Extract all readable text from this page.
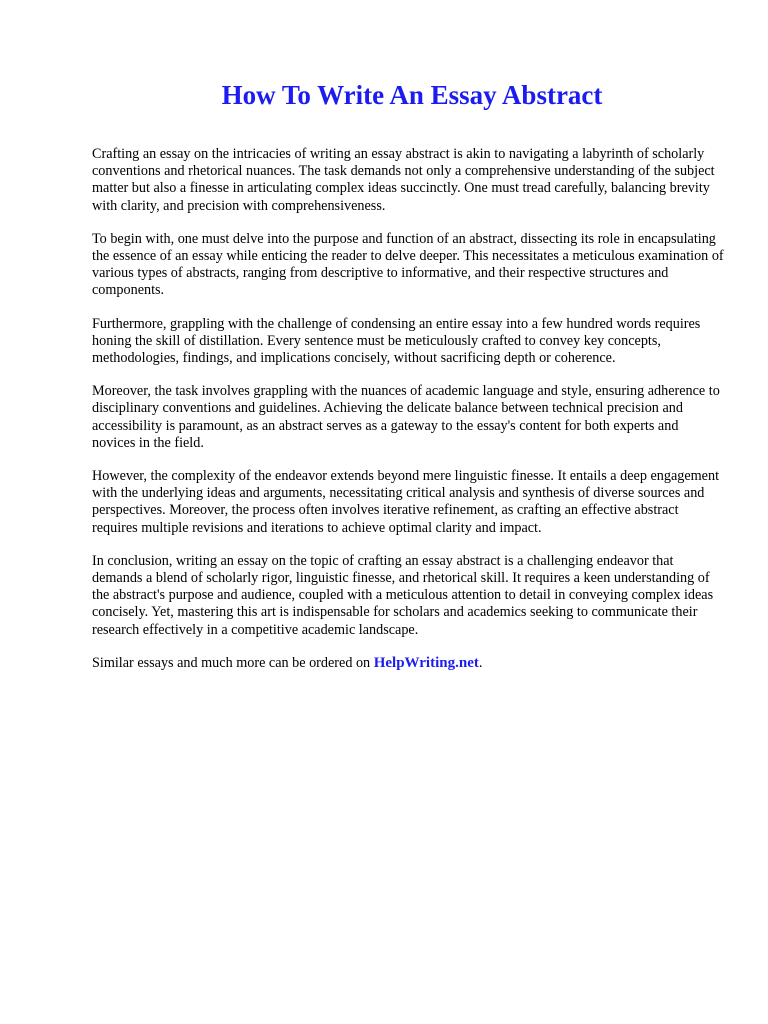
How To Write An Essay Abstract

Crafting an essay on the intricacies of writing an essay abstract is akin to navigating a labyrinth of scholarly conventions and rhetorical nuances. The task demands not only a comprehensive understanding of the subject matter but also a finesse in articulating complex ideas succinctly. One must tread carefully, balancing brevity with clarity, and precision with comprehensiveness.

To begin with, one must delve into the purpose and function of an abstract, dissecting its role in encapsulating the essence of an essay while enticing the reader to delve deeper. This necessitates a meticulous examination of various types of abstracts, ranging from descriptive to informative, and their respective structures and components.

Furthermore, grappling with the challenge of condensing an entire essay into a few hundred words requires honing the skill of distillation. Every sentence must be meticulously crafted to convey key concepts, methodologies, findings, and implications concisely, without sacrificing depth or coherence.

Moreover, the task involves grappling with the nuances of academic language and style, ensuring adherence to disciplinary conventions and guidelines. Achieving the delicate balance between technical precision and accessibility is paramount, as an abstract serves as a gateway to the essay's content for both experts and novices in the field.

However, the complexity of the endeavor extends beyond mere linguistic finesse. It entails a deep engagement with the underlying ideas and arguments, necessitating critical analysis and synthesis of diverse sources and perspectives. Moreover, the process often involves iterative refinement, as crafting an effective abstract requires multiple revisions and iterations to achieve optimal clarity and impact.

In conclusion, writing an essay on the topic of crafting an essay abstract is a challenging endeavor that demands a blend of scholarly rigor, linguistic finesse, and rhetorical skill. It requires a keen understanding of the abstract's purpose and audience, coupled with a meticulous attention to detail in conveying complex ideas concisely. Yet, mastering this art is indispensable for scholars and academics seeking to communicate their research effectively in a competitive academic landscape.

Similar essays and much more can be ordered on HelpWriting.net.
